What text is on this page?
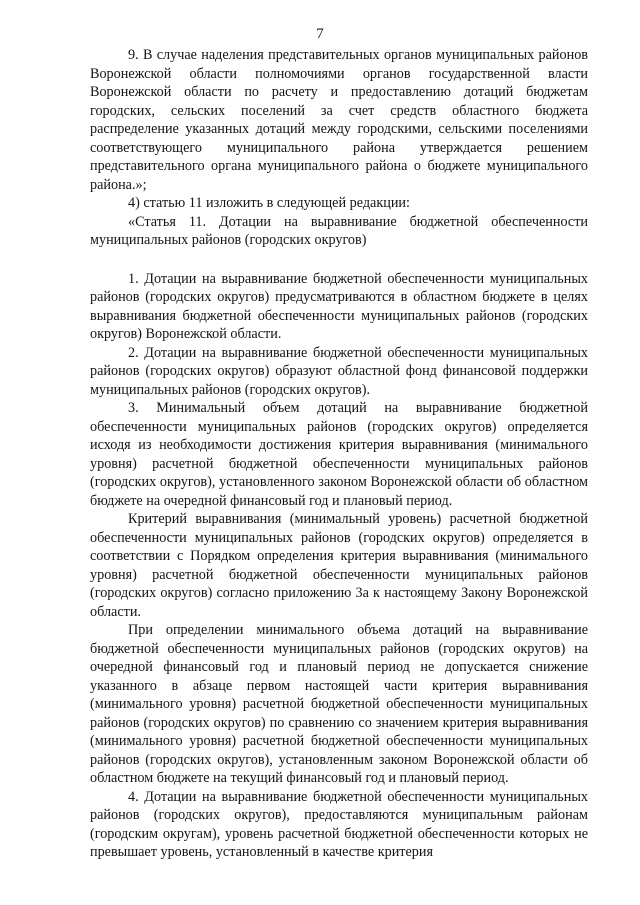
7

9. В случае наделения представительных органов муниципальных районов Воронежской области полномочиями органов государственной власти Воронежской области по расчету и предоставлению дотаций бюджетам городских, сельских поселений за счет средств областного бюджета распределение указанных дотаций между городскими, сельскими поселениями соответствующего муниципального района утверждается решением представительного органа муниципального района о бюджете муниципального района.»;

4) статью 11 изложить в следующей редакции:

«Статья 11. Дотации на выравнивание бюджетной обеспеченности муниципальных районов (городских округов)

1. Дотации на выравнивание бюджетной обеспеченности муниципальных районов (городских округов) предусматриваются в областном бюджете в целях выравнивания бюджетной обеспеченности муниципальных районов (городских округов) Воронежской области.

2. Дотации на выравнивание бюджетной обеспеченности муниципальных районов (городских округов) образуют областной фонд финансовой поддержки муниципальных районов (городских округов).

3. Минимальный объем дотаций на выравнивание бюджетной обеспеченности муниципальных районов (городских округов) определяется исходя из необходимости достижения критерия выравнивания (минимального уровня) расчетной бюджетной обеспеченности муниципальных районов (городских округов), установленного законом Воронежской области об областном бюджете на очередной финансовый год и плановый период.

Критерий выравнивания (минимальный уровень) расчетной бюджетной обеспеченности муниципальных районов (городских округов) определяется в соответствии с Порядком определения критерия выравнивания (минимального уровня) расчетной бюджетной обеспеченности муниципальных районов (городских округов) согласно приложению 3а к настоящему Закону Воронежской области.

При определении минимального объема дотаций на выравнивание бюджетной обеспеченности муниципальных районов (городских округов) на очередной финансовый год и плановый период не допускается снижение указанного в абзаце первом настоящей части критерия выравнивания (минимального уровня) расчетной бюджетной обеспеченности муниципальных районов (городских округов) по сравнению со значением критерия выравнивания (минимального уровня) расчетной бюджетной обеспеченности муниципальных районов (городских округов), установленным законом Воронежской области об областном бюджете на текущий финансовый год и плановый период.

4. Дотации на выравнивание бюджетной обеспеченности муниципальных районов (городских округов), предоставляются муниципальным районам (городским округам), уровень расчетной бюджетной обеспеченности которых не превышает уровень, установленный в качестве критерия
